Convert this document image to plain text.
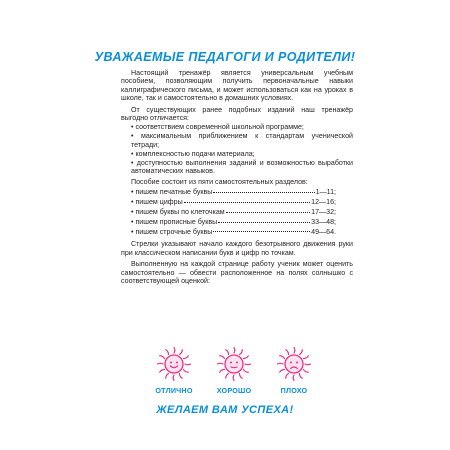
УВАЖАЕМЫЕ ПЕДАГОГИ И РОДИТЕЛИ!

Настоящий тренажёр является универсальным учебным пособием, позволяющим получить первоначальные навыки каллиграфического письма, и может использоваться как на уроках в школе, так и самостоятельно в домашних условиях.

От существующих ранее подобных изданий наш тренажёр выгодно отличается:

• соответствием современной школьной программе;

• максимальным приближением к стандартам ученической тетради;

• комплексностью подачи материала;

• доступностью выполнения заданий и возможностью выработки автоматических навыков.

Пособие состоит из пяти самостоятельных разделов:

• пишем печатные буквы	1—11;
• пишем цифры	12—16;
• пишем буквы по клеточкам	17—32;
• пишем прописные буквы	33—48;
• пишем строчные буквы	49—64.

Стрелки указывают начало каждого безотрывного движения руки при классическом написании букв и цифр по точкам.

Выполненную на каждой странице работу ученик может оценить самостоятельно — обвести расположенное на полях солнышко с соответствующей оценкой:

ОТЛИЧНО	ХОРОШО	ПЛОХО
ЖЕЛАЕМ ВАМ УСПЕХА!
